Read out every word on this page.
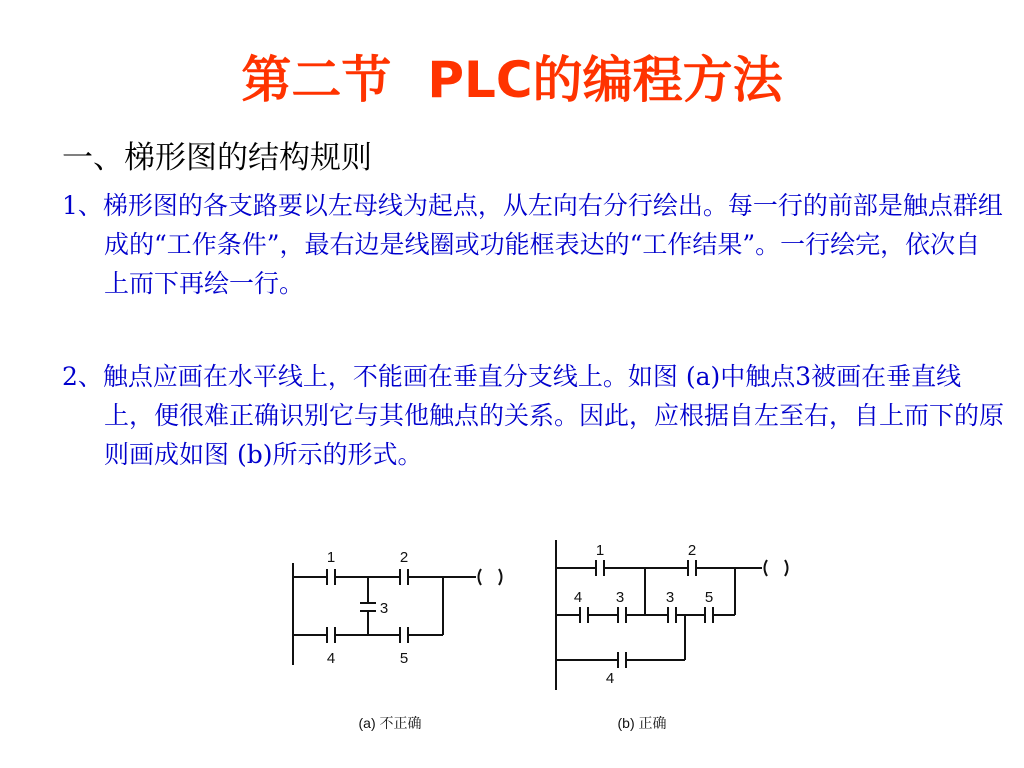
第二节 PLC的编程方法
一、梯形图的结构规则
1、梯形图的各支路要以左母线为起点，从左向右分行绘出。每一行的前部是触点群组成的“工作条件”，最右边是线圈或功能框表达的“工作结果”。一行绘完，依次自上而下再绘一行。
2、触点应画在水平线上，不能画在垂直分支线上。如图 (a)中触点3被画在垂直线上，便很难正确识别它与其他触点的关系。因此，应根据自左至右，自上而下的原则画成如图 (b)所示的形式。
1	2
3
4	5
1	2
4 3	3 5
4
(a) 不正确	(b) 正确
